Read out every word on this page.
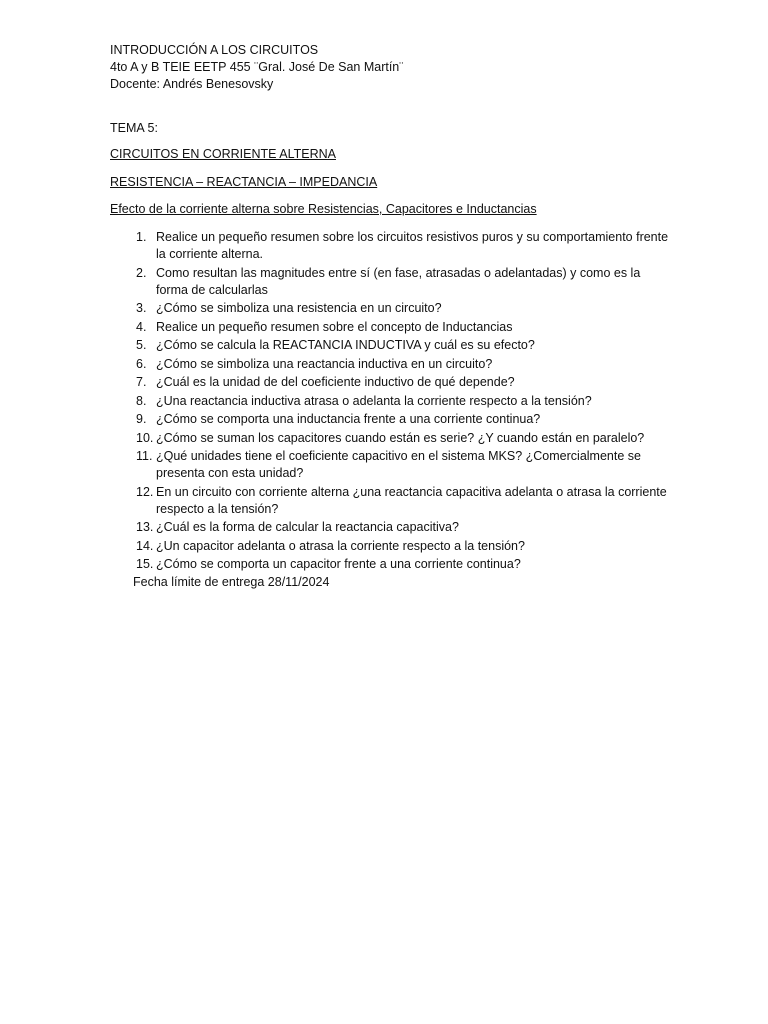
INTRODUCCIÓN A LOS CIRCUITOS
4to A y B TEIE EETP 455 ¨Gral. José De San Martín¨
Docente: Andrés Benesovsky
TEMA 5:
CIRCUITOS EN CORRIENTE ALTERNA
RESISTENCIA – REACTANCIA – IMPEDANCIA
Efecto de la corriente alterna sobre Resistencias, Capacitores e Inductancias
1. Realice un pequeño resumen sobre los circuitos resistivos puros y su comportamiento frente la corriente alterna.
2. Como resultan las magnitudes entre sí (en fase, atrasadas o adelantadas) y como es la forma de calcularlas
3. ¿Cómo se simboliza una resistencia en un circuito?
4. Realice un pequeño resumen sobre el concepto de Inductancias
5. ¿Cómo se calcula la REACTANCIA INDUCTIVA y cuál es su efecto?
6. ¿Cómo se simboliza una reactancia inductiva en un circuito?
7. ¿Cuál es la unidad de del coeficiente inductivo de qué depende?
8. ¿Una reactancia inductiva atrasa o adelanta la corriente respecto a la tensión?
9. ¿Cómo se comporta una inductancia frente a una corriente continua?
10. ¿Cómo se suman los capacitores cuando están es serie? ¿Y cuando están en paralelo?
11. ¿Qué unidades tiene el coeficiente capacitivo en el sistema MKS? ¿Comercialmente se presenta con esta unidad?
12. En un circuito con corriente alterna ¿una reactancia capacitiva adelanta o atrasa la corriente respecto a la tensión?
13. ¿Cuál es la forma de calcular la reactancia capacitiva?
14. ¿Un capacitor adelanta o atrasa la corriente respecto a la tensión?
15. ¿Cómo se comporta un capacitor frente a una corriente continua?
Fecha límite de entrega 28/11/2024
